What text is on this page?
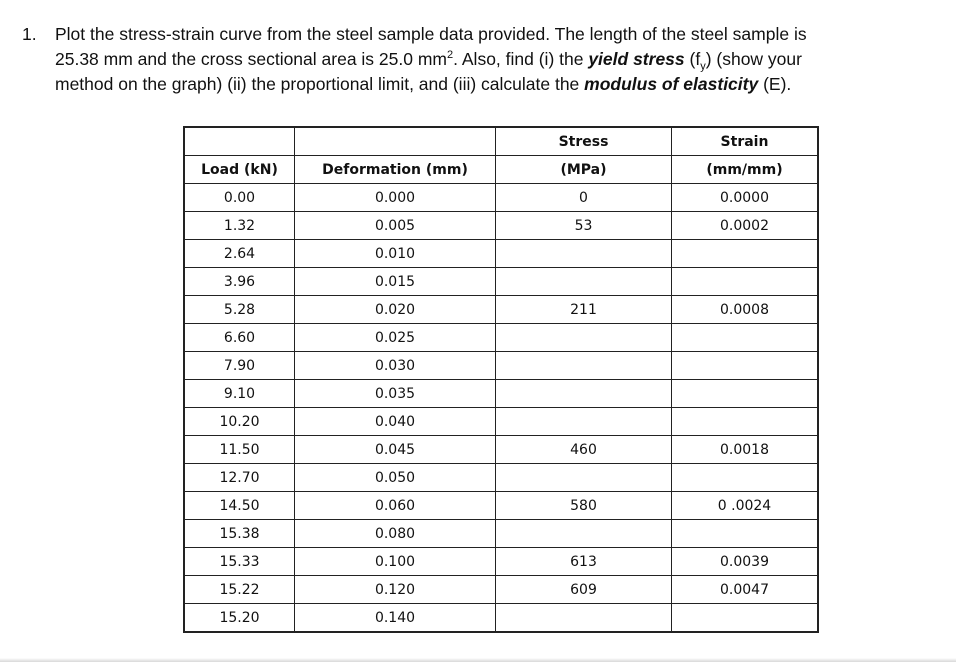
1. Plot the stress-strain curve from the steel sample data provided. The length of the steel sample is
25.38 mm and the cross sectional area is 25.0 $mm^2$. Also, find (i) the yield stress $(f_y)$ (show your
method on the graph) (ii) the proportional limit, and (iii) calculate the modulus of elasticity (E).
		Stress	Strain
Load (kN)	Deformation (mm)	(MPa)	(mm/mm)
0.00	0.000	0	0.0000
1.32	0.005	53	0.0002
2.64	0.010		
3.96	0.015		
5.28	0.020	211	0.0008
6.60	0.025		
7.90	0.030		
9.10	0.035		
10.20	0.040		
11.50	0.045	460	0.0018
12.70	0.050		
14.50	0.060	580	0 .0024
15.38	0.080		
15.33	0.100	613	0.0039
15.22	0.120	609	0.0047
15.20	0.140		
